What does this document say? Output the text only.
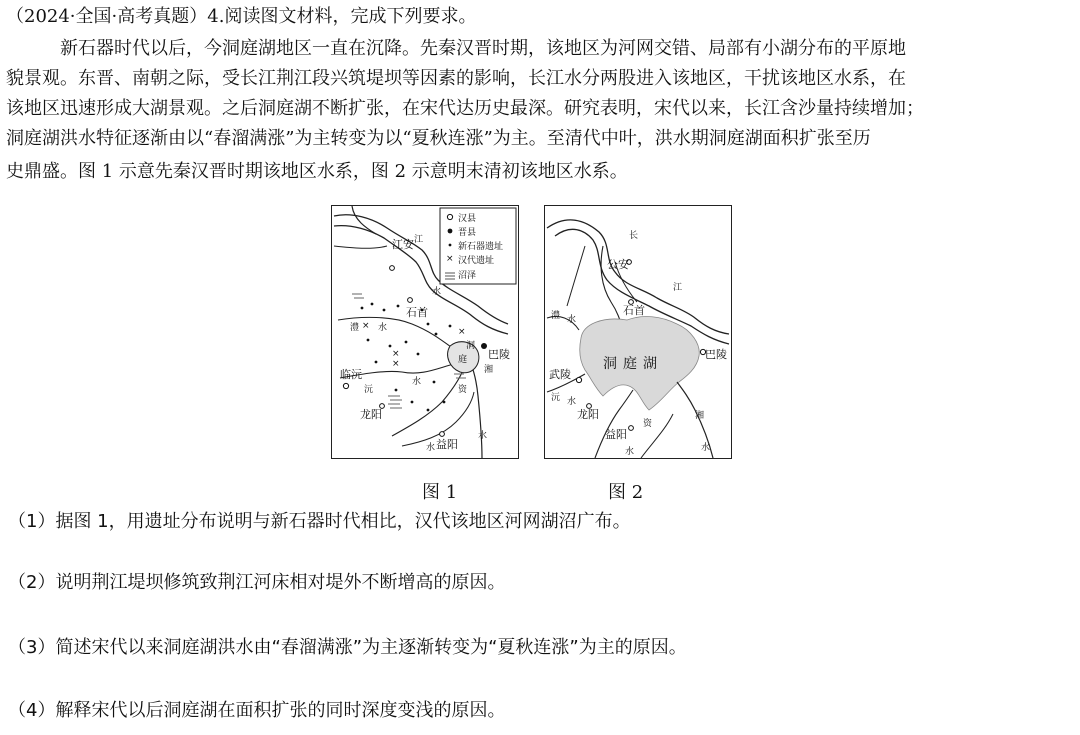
（2024·全国·高考真题）4.阅读图文材料，完成下列要求。
新石器时代以后，今洞庭湖地区一直在沉降。先秦汉晋时期，该地区为河网交错、局部有小湖分布的平原地
貌景观。东晋、南朝之际，受长江荆江段兴筑堤坝等因素的影响，长江水分两股进入该地区，干扰该地区水系，在
该地区迅速形成大湖景观。之后洞庭湖不断扩张，在宋代达历史最深。研究表明，宋代以来，长江含沙量持续增加；
洞庭湖洪水特征逐渐由以“春溜满涨”为主转变为以“夏秋连涨”为主。至清代中叶，洪水期洞庭湖面积扩张至历
史鼎盛。图 1 示意先秦汉晋时期该地区水系，图 2 示意明末清初该地区水系。
×
汉县
晋县
新石器遗址
汉代遗址
沼泽
×
×
×
×
江安
石首
巴陵
临沅
龙阳
益阳
江
水
澧 水
洞
庭
沅
水
资
湘
水
水
长
公安
江
石首
澧 水
洞庭湖
巴陵
武陵
沅 水
龙阳
资
湘
益阳
水	水
图 1	图 2
（1）据图 1，用遗址分布说明与新石器时代相比，汉代该地区河网湖沼广布。
（2）说明荆江堤坝修筑致荆江河床相对堤外不断增高的原因。
（3）简述宋代以来洞庭湖洪水由“春溜满涨”为主逐渐转变为“夏秋连涨”为主的原因。
（4）解释宋代以后洞庭湖在面积扩张的同时深度变浅的原因。
